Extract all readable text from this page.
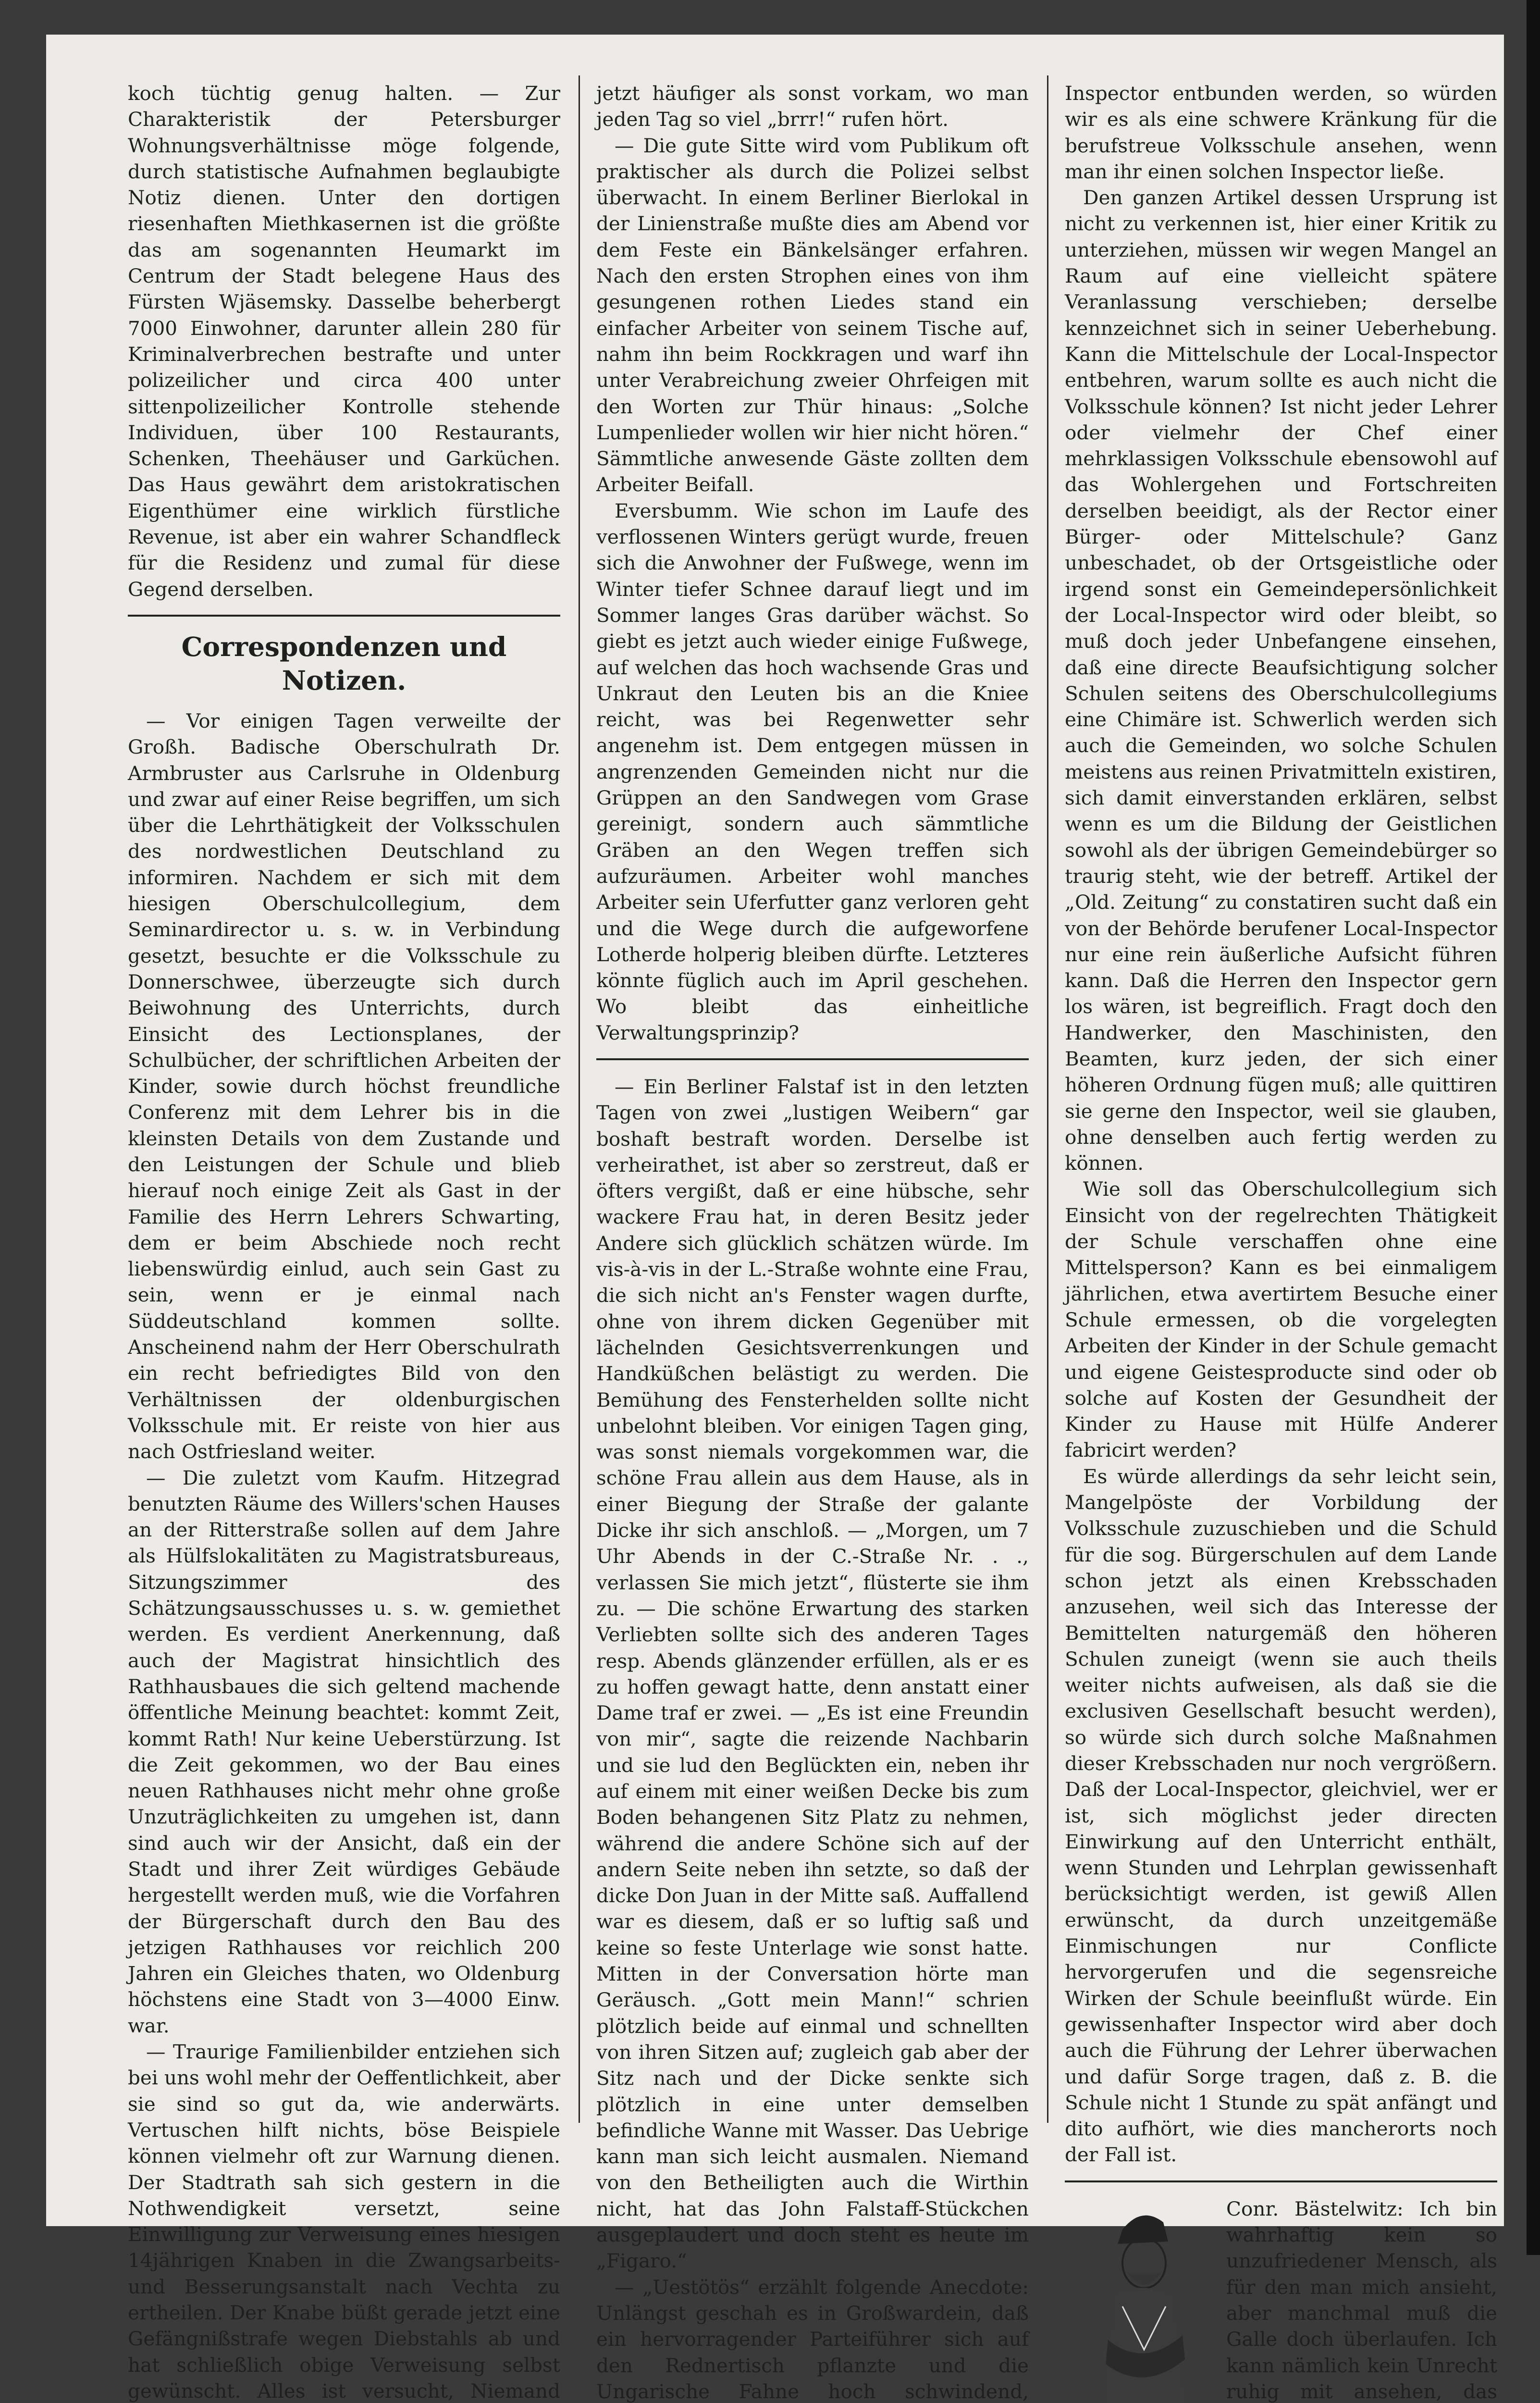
koch tüchtig genug halten. — Zur Charakteristik der Petersburger Wohnungsverhältnisse möge folgende, durch statistische Aufnahmen beglaubigte Notiz dienen. Unter den dortigen riesenhaften Miethkasernen ist die größte das am sogenannten Heumarkt im Centrum der Stadt belegene Haus des Fürsten Wjäsemsky. Dasselbe beherbergt 7000 Einwohner, darunter allein 280 für Kriminalverbrechen bestrafte und unter polizeilicher und circa 400 unter sittenpolizeilicher Kontrolle stehende Individuen, über 100 Restaurants, Schenken, Theehäuser und Garküchen. Das Haus gewährt dem aristokratischen Eigenthümer eine wirklich fürstliche Revenue, ist aber ein wahrer Schandfleck für die Residenz und zumal für diese Gegend derselben.

Correspondenzen und Notizen.

— Vor einigen Tagen verweilte der Großh. Badische Oberschulrath Dr. Armbruster aus Carlsruhe in Oldenburg und zwar auf einer Reise begriffen, um sich über die Lehrthätigkeit der Volksschulen des nordwestlichen Deutschland zu informiren. Nachdem er sich mit dem hiesigen Oberschulcollegium, dem Seminardirector u. s. w. in Verbindung gesetzt, besuchte er die Volksschule zu Donnerschwee, überzeugte sich durch Beiwohnung des Unterrichts, durch Einsicht des Lectionsplanes, der Schulbücher, der schriftlichen Arbeiten der Kinder, sowie durch höchst freundliche Conferenz mit dem Lehrer bis in die kleinsten Details von dem Zustande und den Leistungen der Schule und blieb hierauf noch einige Zeit als Gast in der Familie des Herrn Lehrers Schwarting, dem er beim Abschiede noch recht liebenswürdig einlud, auch sein Gast zu sein, wenn er je einmal nach Süddeutschland kommen sollte. Anscheinend nahm der Herr Oberschulrath ein recht befriedigtes Bild von den Verhältnissen der oldenburgischen Volksschule mit. Er reiste von hier aus nach Ostfriesland weiter.

— Die zuletzt vom Kaufm. Hitzegrad benutzten Räume des Willers'schen Hauses an der Ritterstraße sollen auf dem Jahre als Hülfslokalitäten zu Magistratsbureaus, Sitzungszimmer des Schätzungsausschusses u. s. w. gemiethet werden. Es verdient Anerkennung, daß auch der Magistrat hinsichtlich des Rathhausbaues die sich geltend machende öffentliche Meinung beachtet: kommt Zeit, kommt Rath! Nur keine Ueberstürzung. Ist die Zeit gekommen, wo der Bau eines neuen Rathhauses nicht mehr ohne große Unzuträglichkeiten zu umgehen ist, dann sind auch wir der Ansicht, daß ein der Stadt und ihrer Zeit würdiges Gebäude hergestellt werden muß, wie die Vorfahren der Bürgerschaft durch den Bau des jetzigen Rathhauses vor reichlich 200 Jahren ein Gleiches thaten, wo Oldenburg höchstens eine Stadt von 3—4000 Einw. war.

— Traurige Familienbilder entziehen sich bei uns wohl mehr der Oeffentlichkeit, aber sie sind so gut da, wie anderwärts. Vertuschen hilft nichts, böse Beispiele können vielmehr oft zur Warnung dienen. Der Stadtrath sah sich gestern in die Nothwendigkeit versetzt, seine Einwilligung zur Verweisung eines hiesigen 14jährigen Knaben in die Zwangsarbeits- und Besserungsanstalt nach Vechta zu ertheilen. Der Knabe büßt gerade jetzt eine Gefängnißstrafe wegen Diebstahls ab und hat schließlich obige Verweisung selbst gewünscht. Alles ist versucht, Niemand

jetzt häufiger als sonst vorkam, wo man jeden Tag so viel „brrr!“ rufen hört.

— Die gute Sitte wird vom Publikum oft praktischer als durch die Polizei selbst überwacht. In einem Berliner Bierlokal in der Linienstraße mußte dies am Abend vor dem Feste ein Bänkelsänger erfahren. Nach den ersten Strophen eines von ihm gesungenen rothen Liedes stand ein einfacher Arbeiter von seinem Tische auf, nahm ihn beim Rockkragen und warf ihn unter Verabreichung zweier Ohrfeigen mit den Worten zur Thür hinaus: „Solche Lumpenlieder wollen wir hier nicht hören.“ Sämmtliche anwesende Gäste zollten dem Arbeiter Beifall.

Eversbumm. Wie schon im Laufe des verflossenen Winters gerügt wurde, freuen sich die Anwohner der Fußwege, wenn im Winter tiefer Schnee darauf liegt und im Sommer langes Gras darüber wächst. So giebt es jetzt auch wieder einige Fußwege, auf welchen das hoch wachsende Gras und Unkraut den Leuten bis an die Kniee reicht, was bei Regenwetter sehr angenehm ist. Dem entgegen müssen in angrenzenden Gemeinden nicht nur die Grüppen an den Sandwegen vom Grase gereinigt, sondern auch sämmtliche Gräben an den Wegen treffen sich aufzuräumen. Arbeiter wohl manches Arbeiter sein Uferfutter ganz verloren geht und die Wege durch die aufgeworfene Lotherde holperig bleiben dürfte. Letzteres könnte füglich auch im April geschehen. Wo bleibt das einheitliche Verwaltungsprinzip?

— Ein Berliner Falstaf ist in den letzten Tagen von zwei „lustigen Weibern“ gar boshaft bestraft worden. Derselbe ist verheirathet, ist aber so zerstreut, daß er öfters vergißt, daß er eine hübsche, sehr wackere Frau hat, in deren Besitz jeder Andere sich glücklich schätzen würde. Im vis-à-vis in der L.-Straße wohnte eine Frau, die sich nicht an's Fenster wagen durfte, ohne von ihrem dicken Gegenüber mit lächelnden Gesichtsverrenkungen und Handküßchen belästigt zu werden. Die Bemühung des Fensterhelden sollte nicht unbelohnt bleiben. Vor einigen Tagen ging, was sonst niemals vorgekommen war, die schöne Frau allein aus dem Hause, als in einer Biegung der Straße der galante Dicke ihr sich anschloß. — „Morgen, um 7 Uhr Abends in der C.-Straße Nr. . ., verlassen Sie mich jetzt“, flüsterte sie ihm zu. — Die schöne Erwartung des starken Verliebten sollte sich des anderen Tages resp. Abends glänzender erfüllen, als er es zu hoffen gewagt hatte, denn anstatt einer Dame traf er zwei. — „Es ist eine Freundin von mir“, sagte die reizende Nachbarin und sie lud den Beglückten ein, neben ihr auf einem mit einer weißen Decke bis zum Boden behangenen Sitz Platz zu nehmen, während die andere Schöne sich auf der andern Seite neben ihn setzte, so daß der dicke Don Juan in der Mitte saß. Auffallend war es diesem, daß er so luftig saß und keine so feste Unterlage wie sonst hatte. Mitten in der Conversation hörte man Geräusch. „Gott mein Mann!“ schrien plötzlich beide auf einmal und schnellten von ihren Sitzen auf; zugleich gab aber der Sitz nach und der Dicke senkte sich plötzlich in eine unter demselben befindliche Wanne mit Wasser. Das Uebrige kann man sich leicht ausmalen. Niemand von den Betheiligten auch die Wirthin nicht, hat das John Falstaff-Stückchen ausgeplaudert und doch steht es heute im „Figaro.“

— „Uestötös“ erzählt folgende Anecdote: Unlängst geschah es in Großwardein, daß ein hervorragender Parteiführer sich auf den Rednertisch pflanzte und die Ungarische Fahne hoch schwindend,

Inspector entbunden werden, so würden wir es als eine schwere Kränkung für die berufstreue Volksschule ansehen, wenn man ihr einen solchen Inspector ließe.

Den ganzen Artikel dessen Ursprung ist nicht zu verkennen ist, hier einer Kritik zu unterziehen, müssen wir wegen Mangel an Raum auf eine vielleicht spätere Veranlassung verschieben; derselbe kennzeichnet sich in seiner Ueberhebung. Kann die Mittelschule der Local-Inspector entbehren, warum sollte es auch nicht die Volksschule können? Ist nicht jeder Lehrer oder vielmehr der Chef einer mehrklassigen Volksschule ebensowohl auf das Wohlergehen und Fortschreiten derselben beeidigt, als der Rector einer Bürger- oder Mittelschule? Ganz unbeschadet, ob der Ortsgeistliche oder irgend sonst ein Gemeindepersönlichkeit der Local-Inspector wird oder bleibt, so muß doch jeder Unbefangene einsehen, daß eine directe Beaufsichtigung solcher Schulen seitens des Oberschulcollegiums eine Chimäre ist. Schwerlich werden sich auch die Gemeinden, wo solche Schulen meistens aus reinen Privatmitteln existiren, sich damit einverstanden erklären, selbst wenn es um die Bildung der Geistlichen sowohl als der übrigen Gemeindebürger so traurig steht, wie der betreff. Artikel der „Old. Zeitung“ zu constatiren sucht daß ein von der Behörde berufener Local-Inspector nur eine rein äußerliche Aufsicht führen kann. Daß die Herren den Inspector gern los wären, ist begreiflich. Fragt doch den Handwerker, den Maschinisten, den Beamten, kurz jeden, der sich einer höheren Ordnung fügen muß; alle quittiren sie gerne den Inspector, weil sie glauben, ohne denselben auch fertig werden zu können.

Wie soll das Oberschulcollegium sich Einsicht von der regelrechten Thätigkeit der Schule verschaffen ohne eine Mittelsperson? Kann es bei einmaligem jährlichen, etwa avertirtem Besuche einer Schule ermessen, ob die vorgelegten Arbeiten der Kinder in der Schule gemacht und eigene Geistesproducte sind oder ob solche auf Kosten der Gesundheit der Kinder zu Hause mit Hülfe Anderer fabricirt werden?

Es würde allerdings da sehr leicht sein, Mangelpöste der Vorbildung der Volksschule zuzuschieben und die Schuld für die sog. Bürgerschulen auf dem Lande schon jetzt als einen Krebsschaden anzusehen, weil sich das Interesse der Bemittelten naturgemäß den höheren Schulen zuneigt (wenn sie auch theils weiter nichts aufweisen, als daß sie die exclusiven Gesellschaft besucht werden), so würde sich durch solche Maßnahmen dieser Krebsschaden nur noch vergrößern. Daß der Local-Inspector, gleichviel, wer er ist, sich möglichst jeder directen Einwirkung auf den Unterricht enthält, wenn Stunden und Lehrplan gewissenhaft berücksichtigt werden, ist gewiß Allen erwünscht, da durch unzeitgemäße Einmischungen nur Conflicte hervorgerufen und die segensreiche Wirken der Schule beeinflußt würde. Ein gewissenhafter Inspector wird aber doch auch die Führung der Lehrer überwachen und dafür Sorge tragen, daß z. B. die Schule nicht 1 Stunde zu spät anfängt und dito aufhört, wie dies mancherorts noch der Fall ist.

Conr. Bästelwitz: Ich bin wahrhaftig kein so unzufriedener Mensch, als für den man mich ansieht, aber manchmal muß die Galle doch überlaufen. Ich kann nämlich kein Unrecht ruhig mit ansehen, das
